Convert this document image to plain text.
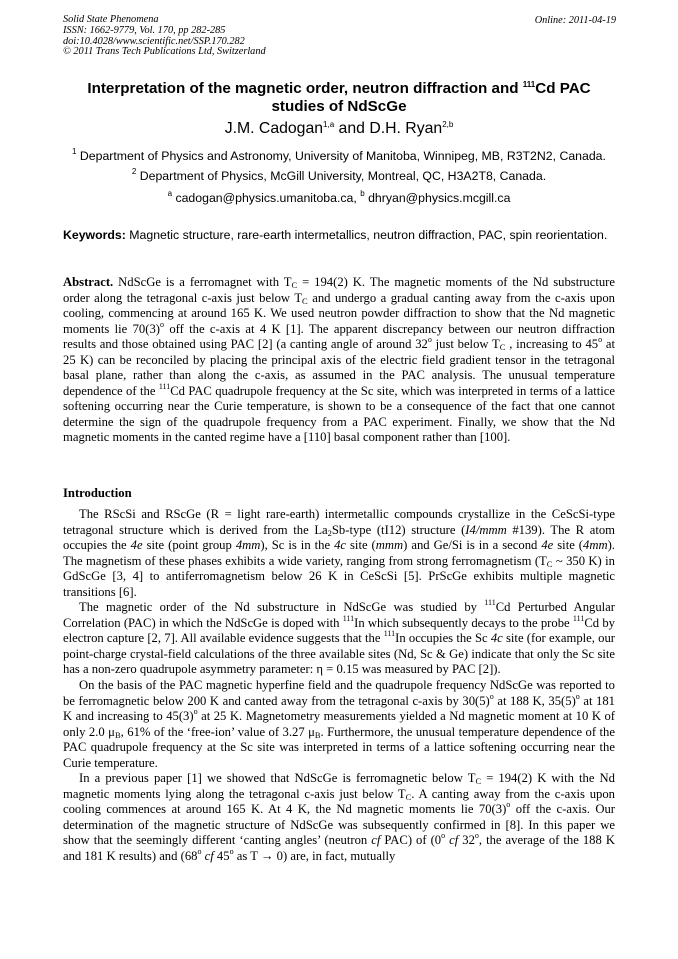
Solid State Phenomena
ISSN: 1662-9779, Vol. 170, pp 282-285
doi:10.4028/www.scientific.net/SSP.170.282
© 2011 Trans Tech Publications Ltd, Switzerland
Online: 2011-04-19
Interpretation of the magnetic order, neutron diffraction and $^{111}$Cd PAC studies of NdScGe
J.M. Cadogan$^{1,a}$ and D.H. Ryan$^{2,b}$
$^1$ Department of Physics and Astronomy, University of Manitoba, Winnipeg, MB, R3T2N2, Canada.
$^2$ Department of Physics, McGill University, Montreal, QC, H3A2T8, Canada.
$^a$ cadogan@physics.umanitoba.ca, $^b$ dhryan@physics.mcgill.ca
Keywords: Magnetic structure, rare-earth intermetallics, neutron diffraction, PAC, spin reorientation.

Abstract. NdScGe is a ferromagnet with $T_C = 194(2)$ K. The magnetic moments of the Nd substructure order along the tetragonal c-axis just below $T_C$ and undergo a gradual canting away from the c-axis upon cooling, commencing at around 165 K. We used neutron powder diffraction to show that the Nd magnetic moments lie $70(3)^o$ off the c-axis at 4 K [1]. The apparent discrepancy between our neutron diffraction results and those obtained using PAC [2] (a canting angle of around 32$^o$ just below $T_C$ , increasing to 45$^o$ at 25 K) can be reconciled by placing the principal axis of the electric field gradient tensor in the tetragonal basal plane, rather than along the c-axis, as assumed in the PAC analysis. The unusual temperature dependence of the $^{111}$Cd PAC quadrupole frequency at the Sc site, which was interpreted in terms of a lattice softening occurring near the Curie temperature, is shown to be a consequence of the fact that one cannot determine the sign of the quadrupole frequency from a PAC experiment. Finally, we show that the Nd magnetic moments in the canted regime have a [110] basal component rather than [100].

Introduction

The RScSi and RScGe (R = light rare-earth) intermetallic compounds crystallize in the CeScSi-type tetragonal structure which is derived from the $La_2Sb$-type (tI12) structure (I4/mmm #139). The R atom occupies the 4e site (point group 4mm), Sc is in the 4c site (mmm) and Ge/Si is in a second 4e site (4mm). The magnetism of these phases exhibits a wide variety, ranging from strong ferromagnetism ($T_C$ ~ 350 K) in GdScGe [3, 4] to antiferromagnetism below 26 K in CeScSi [5]. PrScGe exhibits multiple magnetic transitions [6].

The magnetic order of the Nd substructure in NdScGe was studied by $^{111}$Cd Perturbed Angular Correlation (PAC) in which the NdScGe is doped with $^{111}$In which subsequently decays to the probe $^{111}$Cd by electron capture [2, 7]. All available evidence suggests that the $^{111}$In occupies the Sc 4c site (for example, our point-charge crystal-field calculations of the three available sites (Nd, Sc & Ge) indicate that only the Sc site has a non-zero quadrupole asymmetry parameter: η = 0.15 was measured by PAC [2]).

On the basis of the PAC magnetic hyperfine field and the quadrupole frequency NdScGe was reported to be ferromagnetic below 200 K and canted away from the tetragonal c-axis by $30(5)^o$ at 188 K, $35(5)^o$ at 181 K and increasing to $45(3)^o$ at 25 K. Magnetometry measurements yielded a Nd magnetic moment at 10 K of only 2.0 $\mu_B$, 61% of the ‘free-ion’ value of 3.27 $\mu_B$. Furthermore, the unusual temperature dependence of the PAC quadrupole frequency at the Sc site was interpreted in terms of a lattice softening occurring near the Curie temperature.

In a previous paper [1] we showed that NdScGe is ferromagnetic below $T_C = 194(2)$ K with the Nd magnetic moments lying along the tetragonal c-axis just below $T_C$. A canting away from the c-axis upon cooling commences at around 165 K. At 4 K, the Nd magnetic moments lie $70(3)^o$ off the c-axis. Our determination of the magnetic structure of NdScGe was subsequently confirmed in [8]. In this paper we show that the seemingly different ‘canting angles’ (neutron cf PAC) of (0$^o$ cf 32$^o$, the average of the 188 K and 181 K results) and (68$^o$ cf 45$^o$ as T → 0) are, in fact, mutually
